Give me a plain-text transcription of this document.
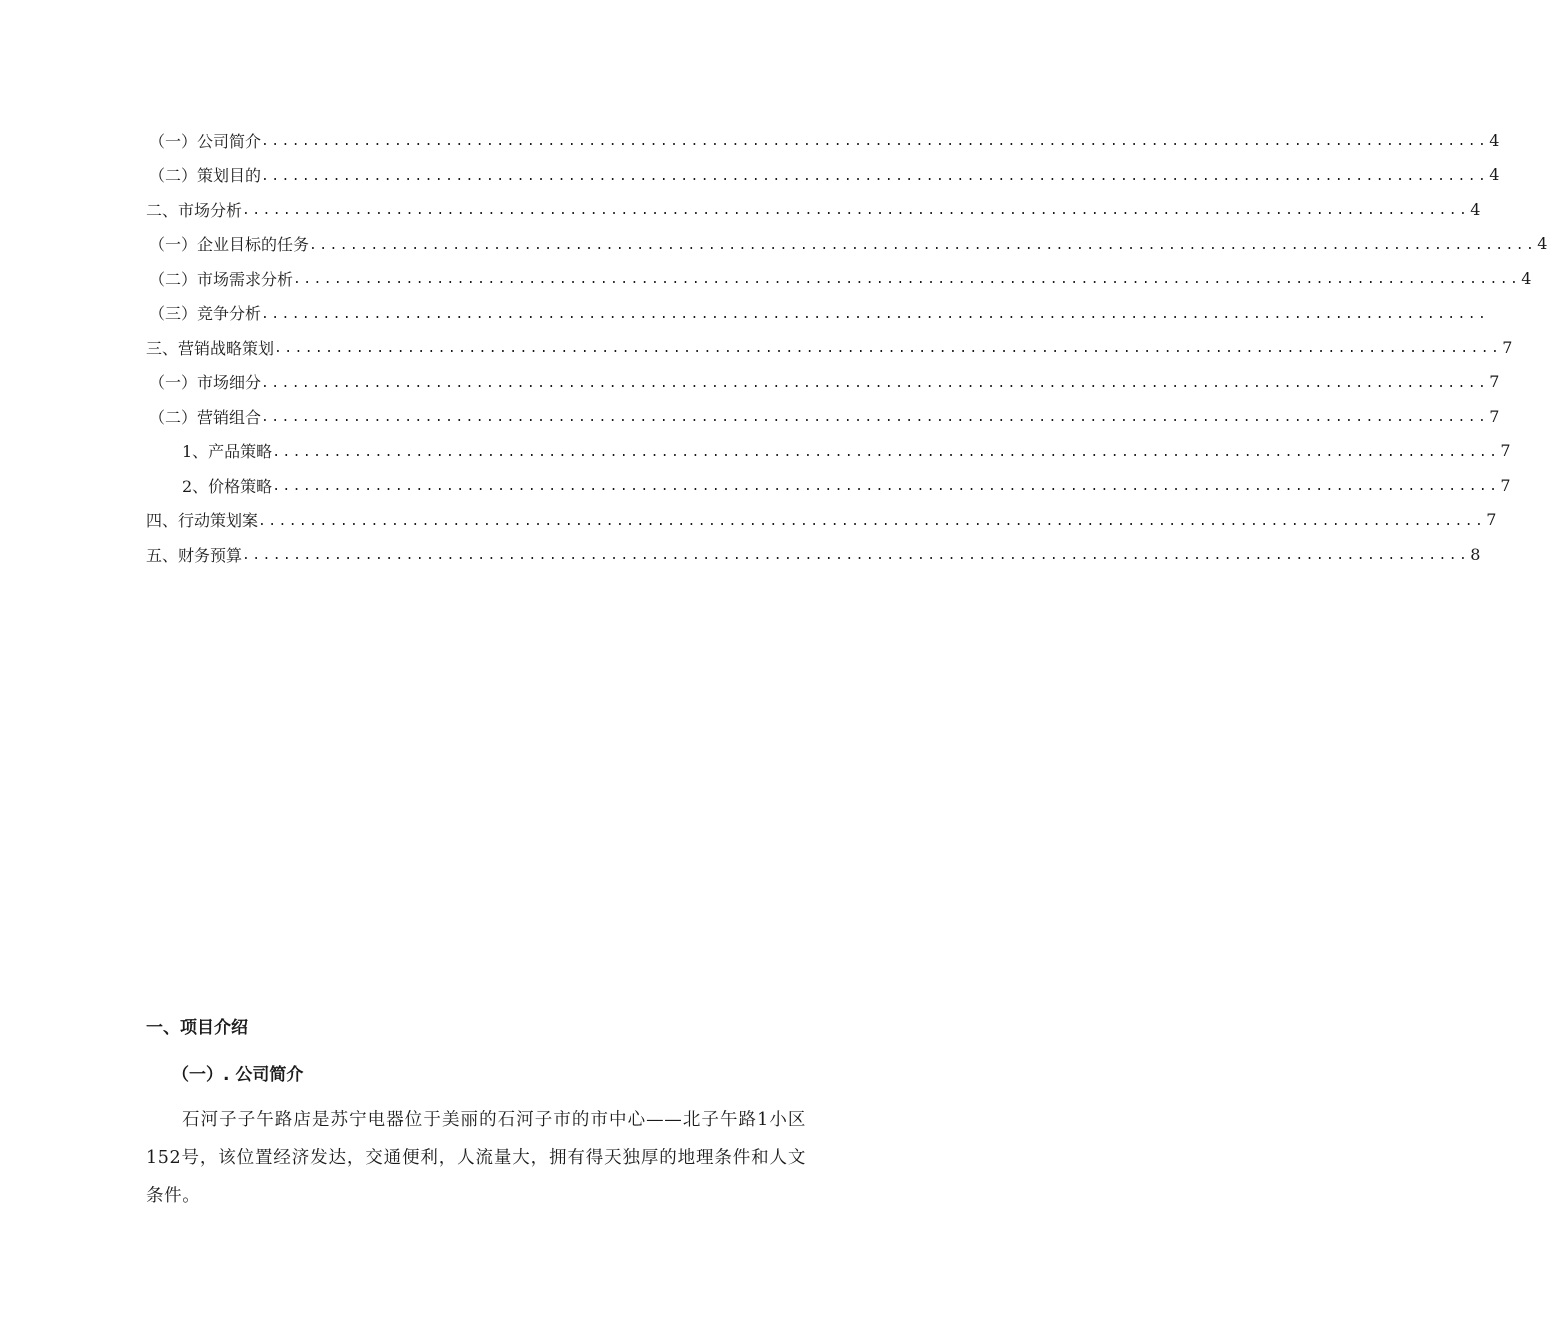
（一）公司简介 ........................................................................................................................ 4
（二）策划目的 ........................................................................................................................ 4
二、市场分析 ........................................................................................................................ 4
（一）企业目标的任务 ........................................................................................................................ 4
（二）市场需求分析 ........................................................................................................................ 4
（三）竞争分析 ........................................................................................................................
三、营销战略策划 ........................................................................................................................ 7
（一）市场细分 ........................................................................................................................ 7
（二）营销组合 ........................................................................................................................ 7
1、产品策略 ........................................................................................................................ 7
2、价格策略 ........................................................................................................................ 7
四、行动策划案 ........................................................................................................................ 7
五、财务预算 ........................................................................................................................ 8
一、项目介绍
（一）. 公司简介
石河子子午路店是苏宁电器位于美丽的石河子市的市中心——北子午路1小区152号，该位置经济发达，交通便利，人流量大，拥有得天独厚的地理条件和人文条件。
